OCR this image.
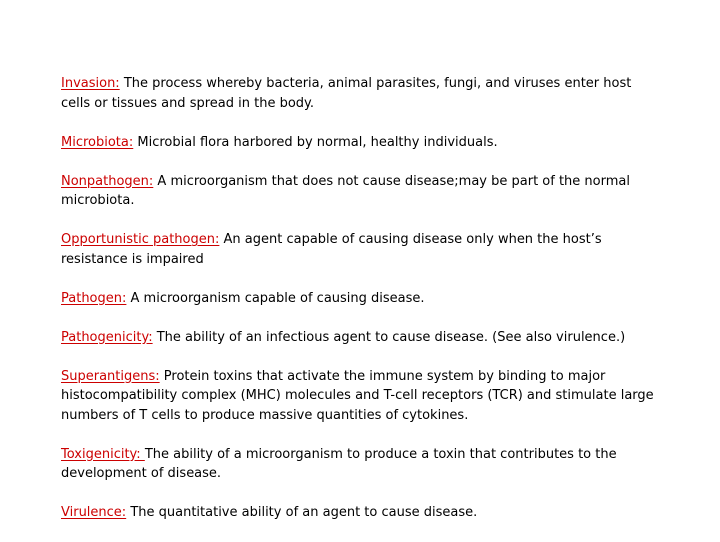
Invasion: The process whereby bacteria, animal parasites, fungi, and viruses enter host cells or tissues and spread in the body.

Microbiota: Microbial flora harbored by normal, healthy individuals.

Nonpathogen: A microorganism that does not cause disease;may be part of the normal microbiota.

Opportunistic pathogen: An agent capable of causing disease only when the host’s resistance is impaired

Pathogen: A microorganism capable of causing disease.

Pathogenicity: The ability of an infectious agent to cause disease. (See also virulence.)

Superantigens: Protein toxins that activate the immune system by binding to major histocompatibility complex (MHC) molecules and T-cell receptors (TCR) and stimulate large numbers of T cells to produce massive quantities of cytokines.

Toxigenicity: The ability of a microorganism to produce a toxin that contributes to the development of disease.

Virulence: The quantitative ability of an agent to cause disease.
